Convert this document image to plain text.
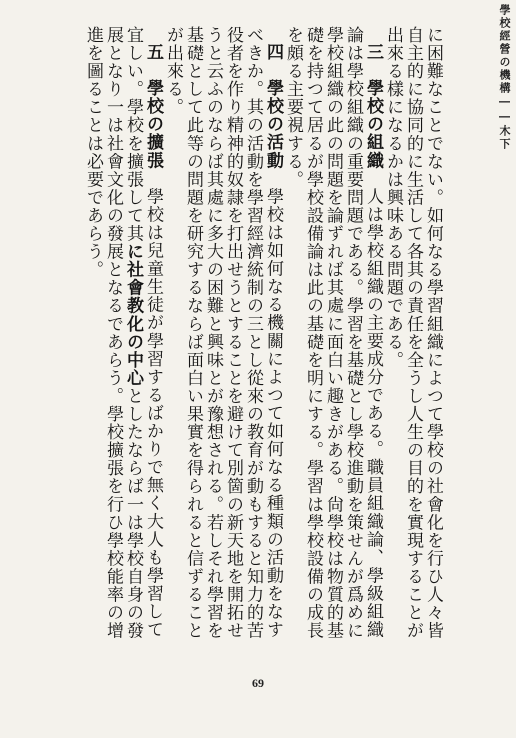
學校經營の機構――木下

に困難なことでない。如何なる學習組織によつて學校の社會化を行ひ人々皆自主的に協同的に生活して各其の責任を全うし人生の目的を實現することが出來る樣になるかは興味ある問題である。

三　學校の組織　人は學校組織の主要成分である。職員組織論、學級組織論は學校組織の重要問題である。學習を基礎とし學校進動を策せんが爲めに學校組織の此の問題を論ずれば其處に面白い趣きがある。尙學校は物質的基礎を持つて居るが學校設備論は此の基礎を明にする。學習は學校設備の成長を頗る主要視する。

四　學校の活動　學校は如何なる機關によつて如何なる種類の活動をなすべきか。其の活動を學習經濟統制の三とし從來の教育が動もすると知力的苦役者を作り精神的奴隷を打出せうとすることを避けて別箇の新天地を開拓せうと云ふのならば其處に多大の困難と興味とが豫想される。若しそれ學習を基礎として此等の問題を研究するならば面白い果實を得られると信ずることが出來る。

五　學校の擴張　學校は兒童生徒が學習するばかりで無く大人も學習して宜しい。學校を擴張して其に社會教化の中心としたならば一は學校自身の發展となり一は社會文化の發展となるであらう。學校擴張を行ひ學校能率の增進を圖ることは必要であらう。

69
